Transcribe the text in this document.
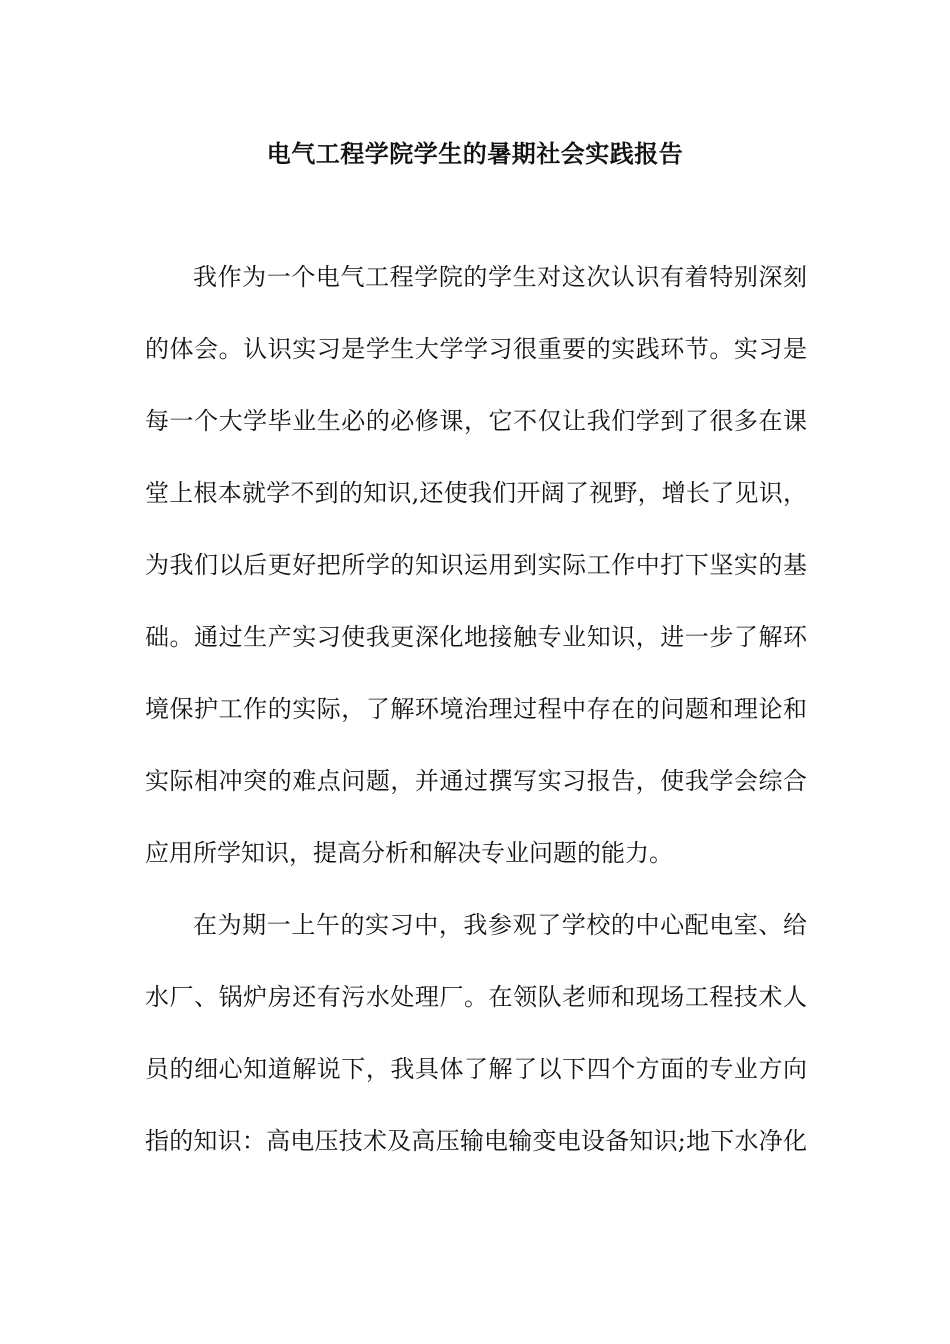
电气工程学院学生的暑期社会实践报告
我作为一个电气工程学院的学生对这次认识有着特别深刻
的体会。认识实习是学生大学学习很重要的实践环节。实习是
每一个大学毕业生必的必修课，它不仅让我们学到了很多在课
堂上根本就学不到的知识,还使我们开阔了视野，增长了见识，
为我们以后更好把所学的知识运用到实际工作中打下坚实的基
础。通过生产实习使我更深化地接触专业知识，进一步了解环
境保护工作的实际，了解环境治理过程中存在的问题和理论和
实际相冲突的难点问题，并通过撰写实习报告，使我学会综合
应用所学知识，提高分析和解决专业问题的能力。
在为期一上午的实习中，我参观了学校的中心配电室、给
水厂、锅炉房还有污水处理厂。在领队老师和现场工程技术人
员的细心知道解说下，我具体了解了以下四个方面的专业方向
指的知识：高电压技术及高压输电输变电设备知识;地下水净化
